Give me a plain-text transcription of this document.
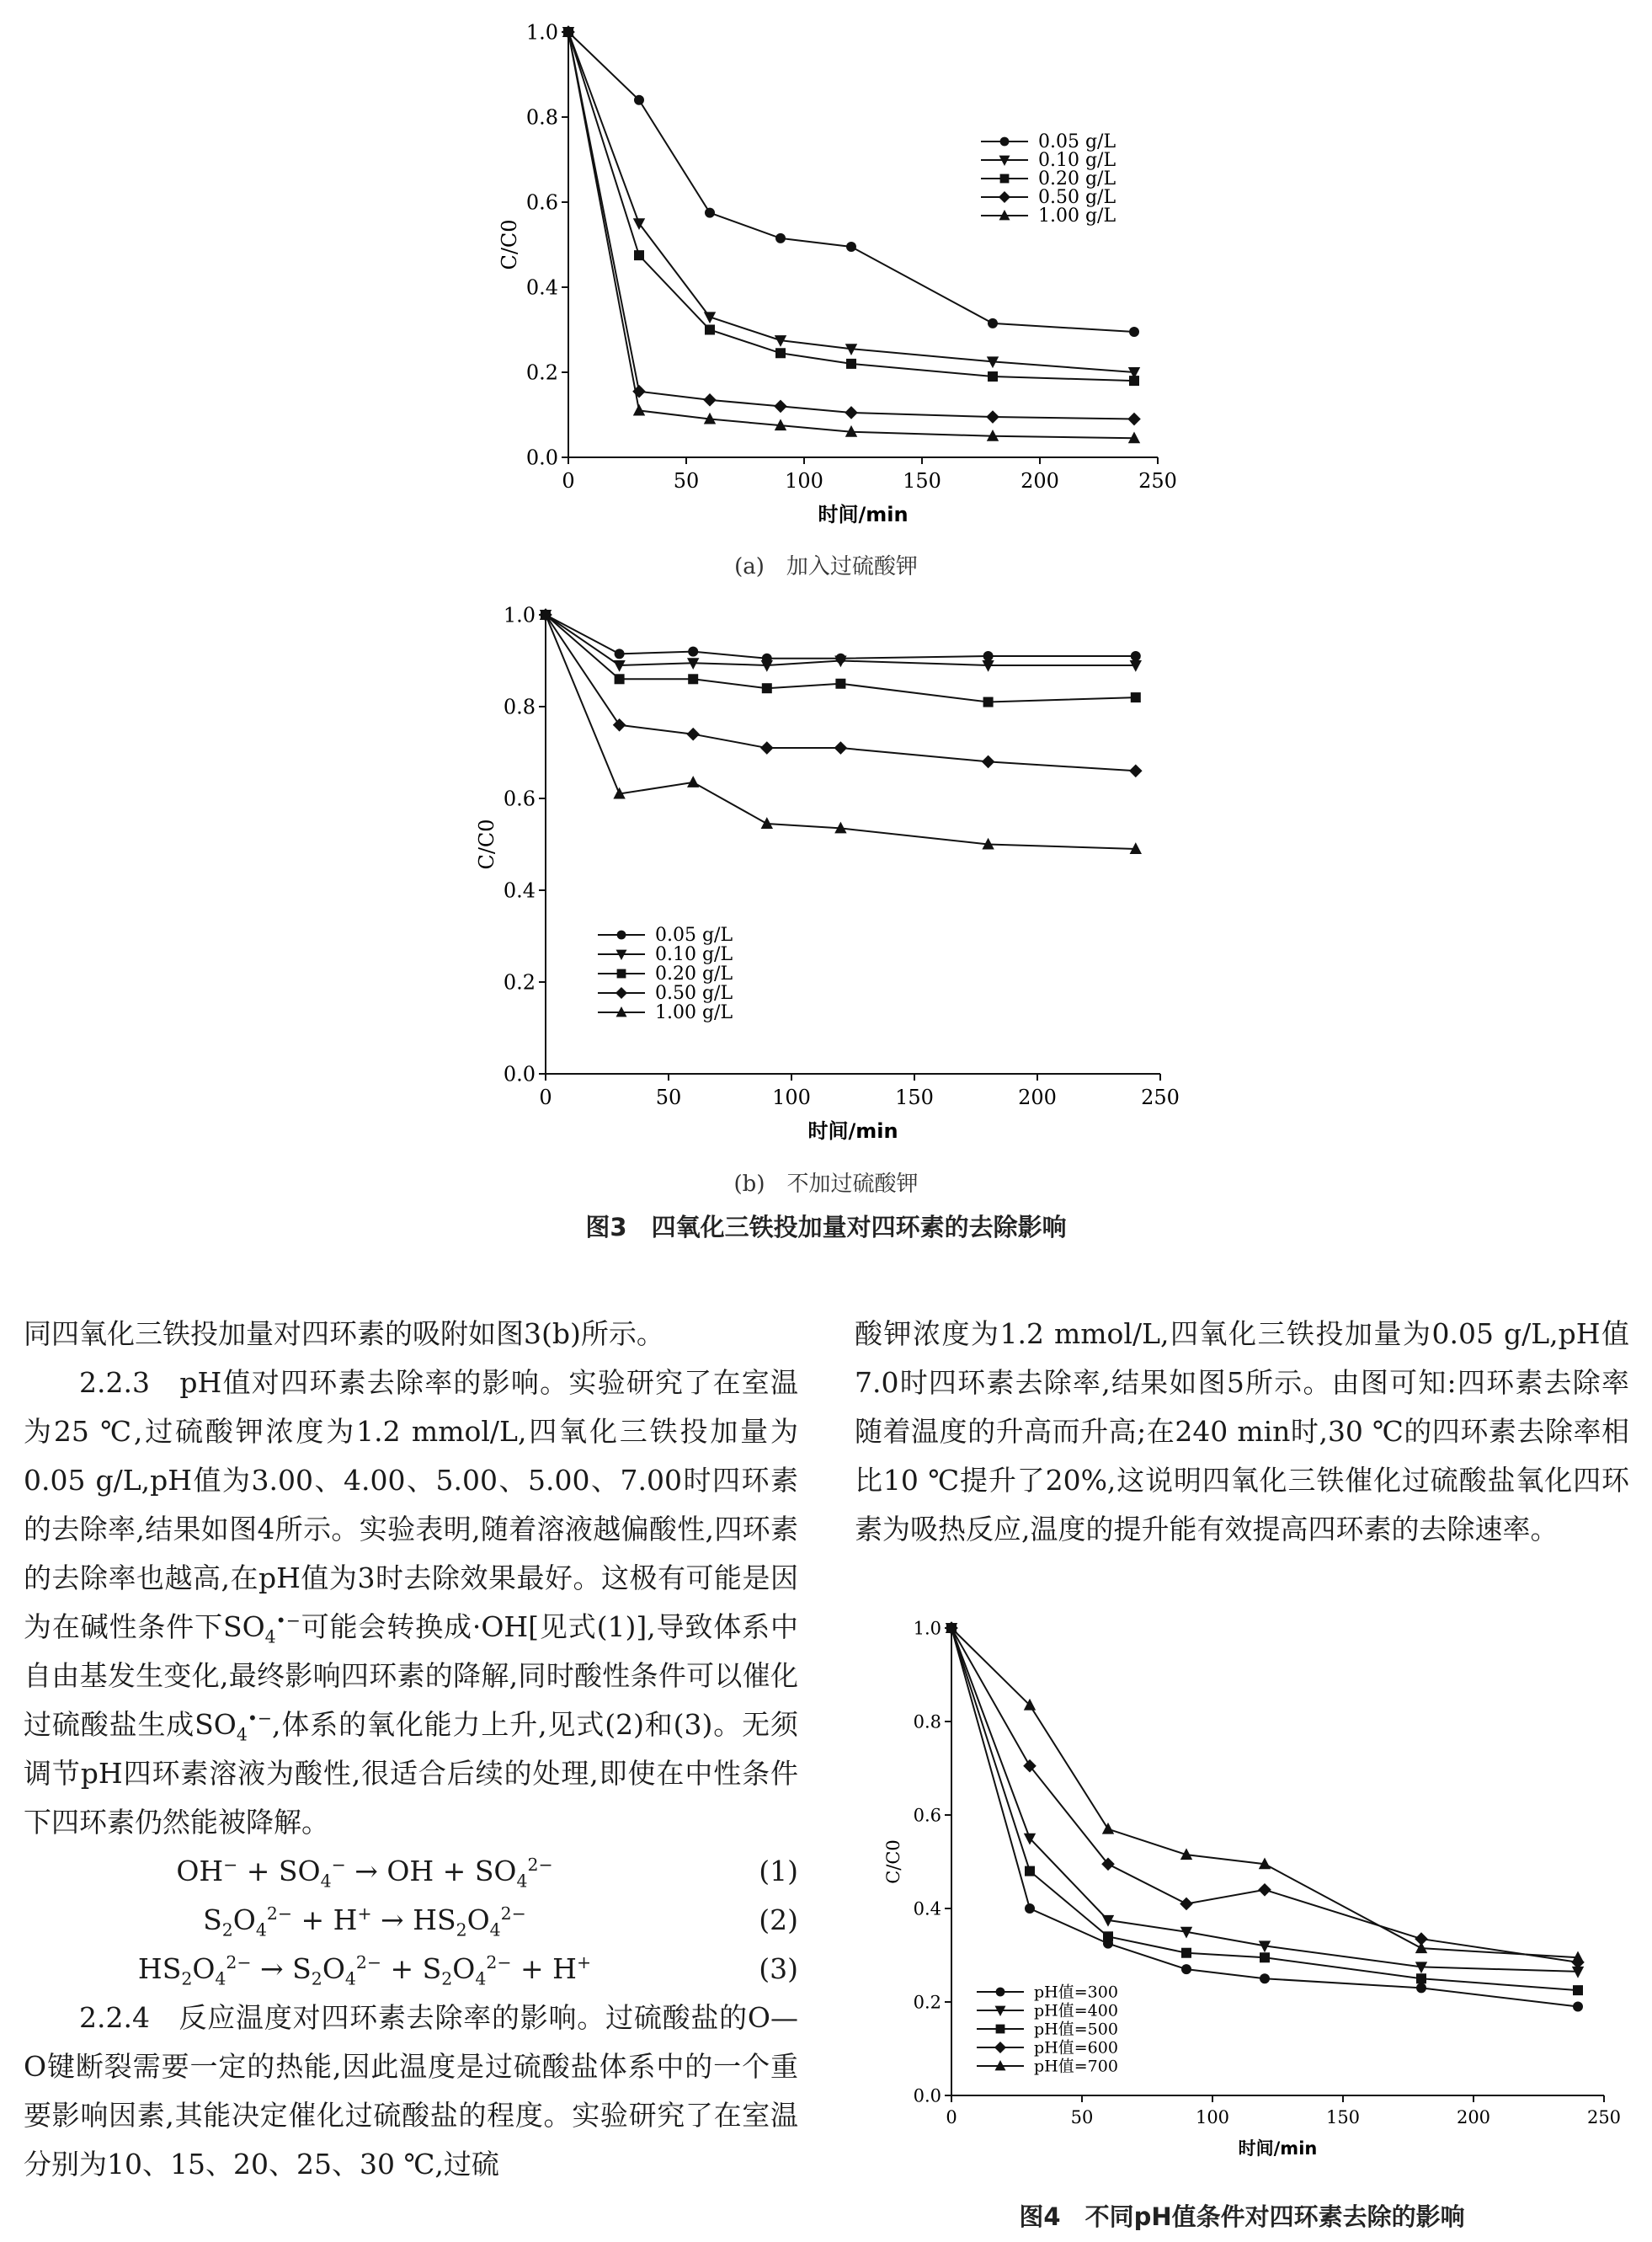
0	50	100	150	200	250
0.0
0.2
0.4
0.6
0.8
1.0
时间/min
C/C0
0.05 g/L
0.10 g/L
0.20 g/L
0.50 g/L
1.00 g/L
(a)　加入过硫酸钾
0	50	100	150	200	250
0.0
0.2
0.4
0.6
0.8
1.0
时间/min
C/C0
0.05 g/L
0.10 g/L
0.20 g/L
0.50 g/L
1.00 g/L
(b)　不加过硫酸钾
图3　四氧化三铁投加量对四环素的去除影响

同四氧化三铁投加量对四环素的吸附如图3(b)所示。

2.2.3　pH值对四环素去除率的影响。实验研究了在室温为25 ℃,过硫酸钾浓度为1.2 mmol/L,四氧化三铁投加量为0.05 g/L,pH值为3.00、4.00、5.00、5.00、7.00时四环素的去除率,结果如图4所示。实验表明,随着溶液越偏酸性,四环素的去除率也越高,在pH值为3时去除效果最好。这极有可能是因为在碱性条件下$SO_4^{•-}$可能会转换成·OH[见式(1)],导致体系中自由基发生变化,最终影响四环素的降解,同时酸性条件可以催化过硫酸盐生成$SO_4^{•-}$,体系的氧化能力上升,见式(2)和(3)。无须调节pH四环素溶液为酸性,很适合后续的处理,即使在中性条件下四环素仍然能被降解。

$OH^- + SO_4^-$ → OH + $SO_4^{2-}$	(1)
$S_2O_4^{2-} + H^+ \to HS_2O_4^{2-}$	(2)
$HS_2O_4^{2-} \to S_2O_4^{2-} + S_2O_4^{2-} + H^+$	(3)

2.2.4　反应温度对四环素去除率的影响。过硫酸盐的O—O键断裂需要一定的热能,因此温度是过硫酸盐体系中的一个重要影响因素,其能决定催化过硫酸盐的程度。实验研究了在室温分别为10、15、20、25、30 ℃,过硫

酸钾浓度为1.2 mmol/L,四氧化三铁投加量为0.05 g/L,pH值7.0时四环素去除率,结果如图5所示。由图可知:四环素去除率随着温度的升高而升高;在240 min时,30 ℃的四环素去除率相比10 ℃提升了20%,这说明四氧化三铁催化过硫酸盐氧化四环素为吸热反应,温度的提升能有效提高四环素的去除速率。

0	50	100	150	200	250
0.0
0.2
0.4
0.6
0.8
1.0
时间/min
C/C0
pH值=300
pH值=400
pH值=500
pH值=600
pH值=700
图4　不同pH值条件对四环素去除的影响
